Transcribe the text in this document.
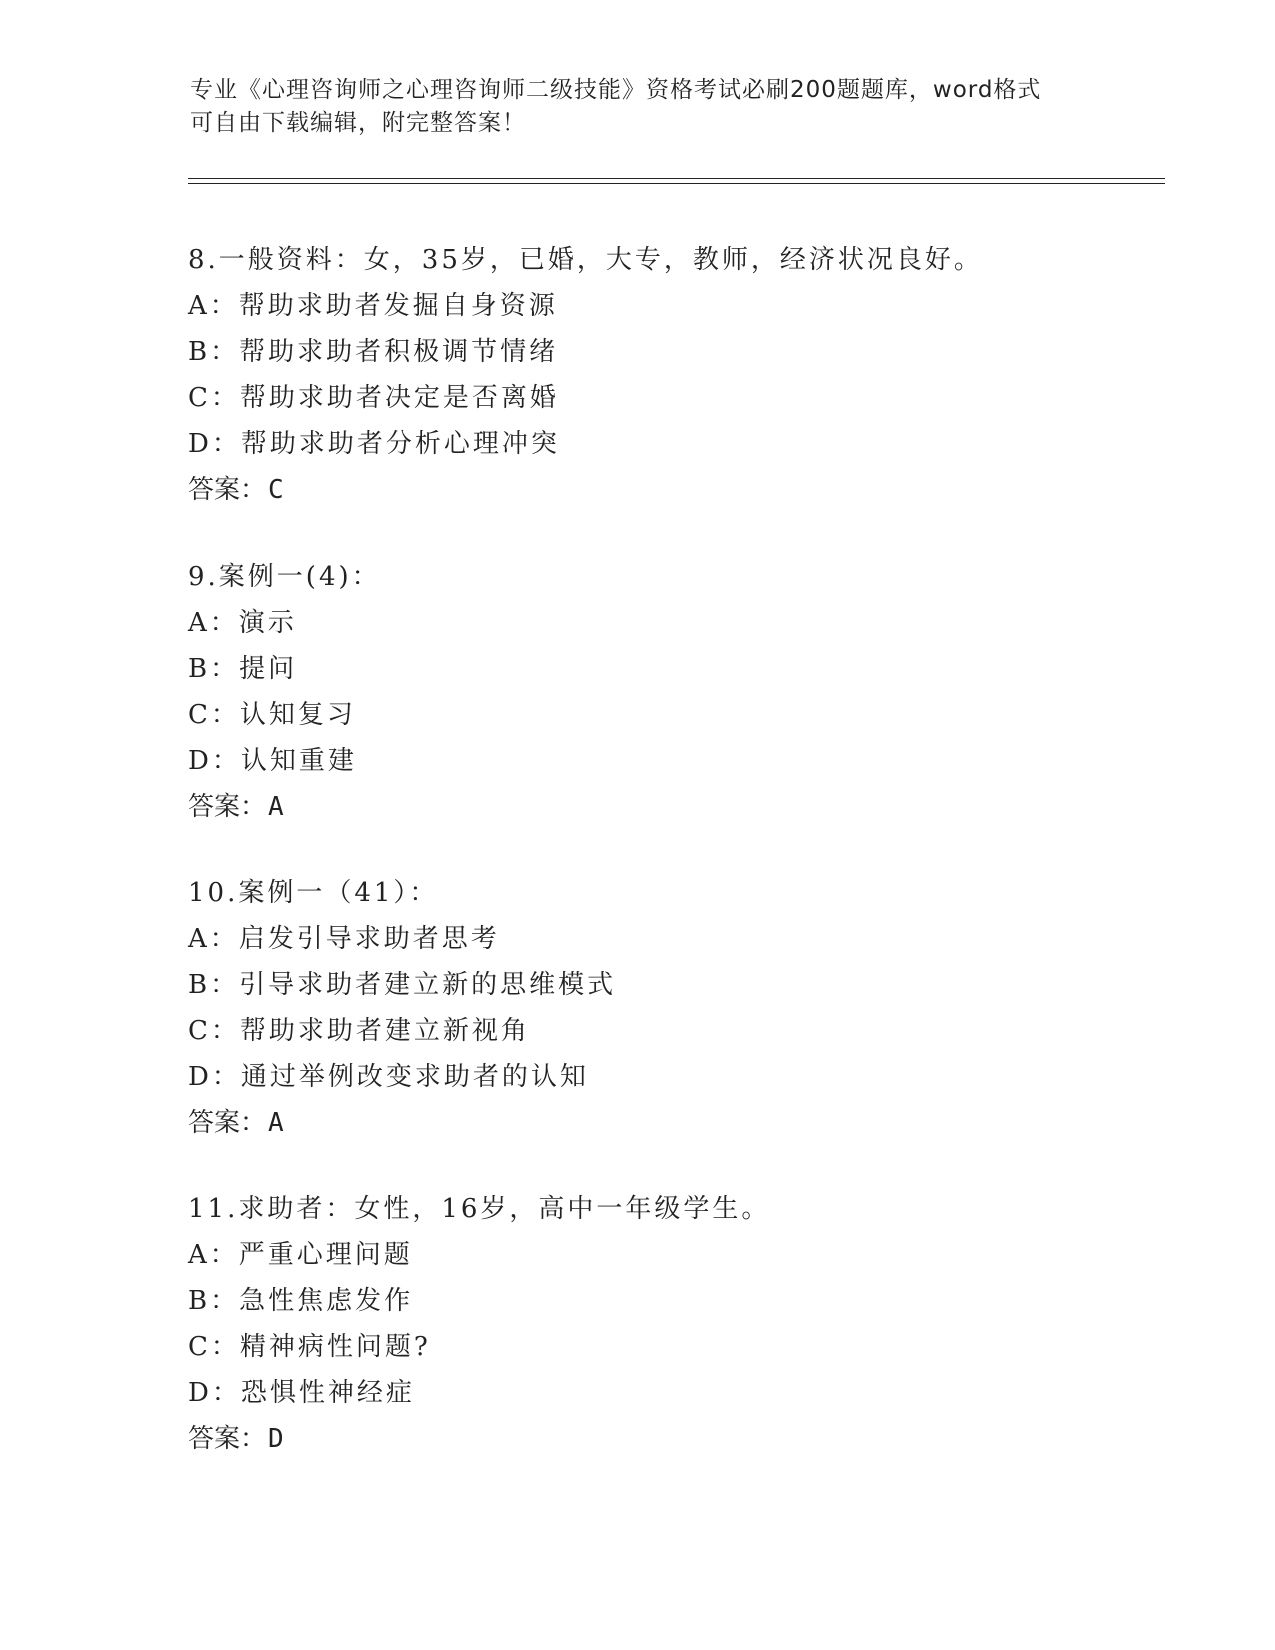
专业《心理咨询师之心理咨询师二级技能》资格考试必刷200题题库，word格式
可自由下载编辑，附完整答案！
8.一般资料：女，35岁，已婚，大专，教师，经济状况良好。
A：帮助求助者发掘自身资源
B：帮助求助者积极调节情绪
C：帮助求助者决定是否离婚
D：帮助求助者分析心理冲突
答案：C
9.案例一(4)：
A：演示
B：提问
C：认知复习
D：认知重建
答案：A
10.案例一（41）：
A：启发引导求助者思考
B：引导求助者建立新的思维模式
C：帮助求助者建立新视角
D：通过举例改变求助者的认知
答案：A
11.求助者：女性，16岁，高中一年级学生。
A：严重心理问题
B：急性焦虑发作
C：精神病性问题?
D：恐惧性神经症
答案：D
